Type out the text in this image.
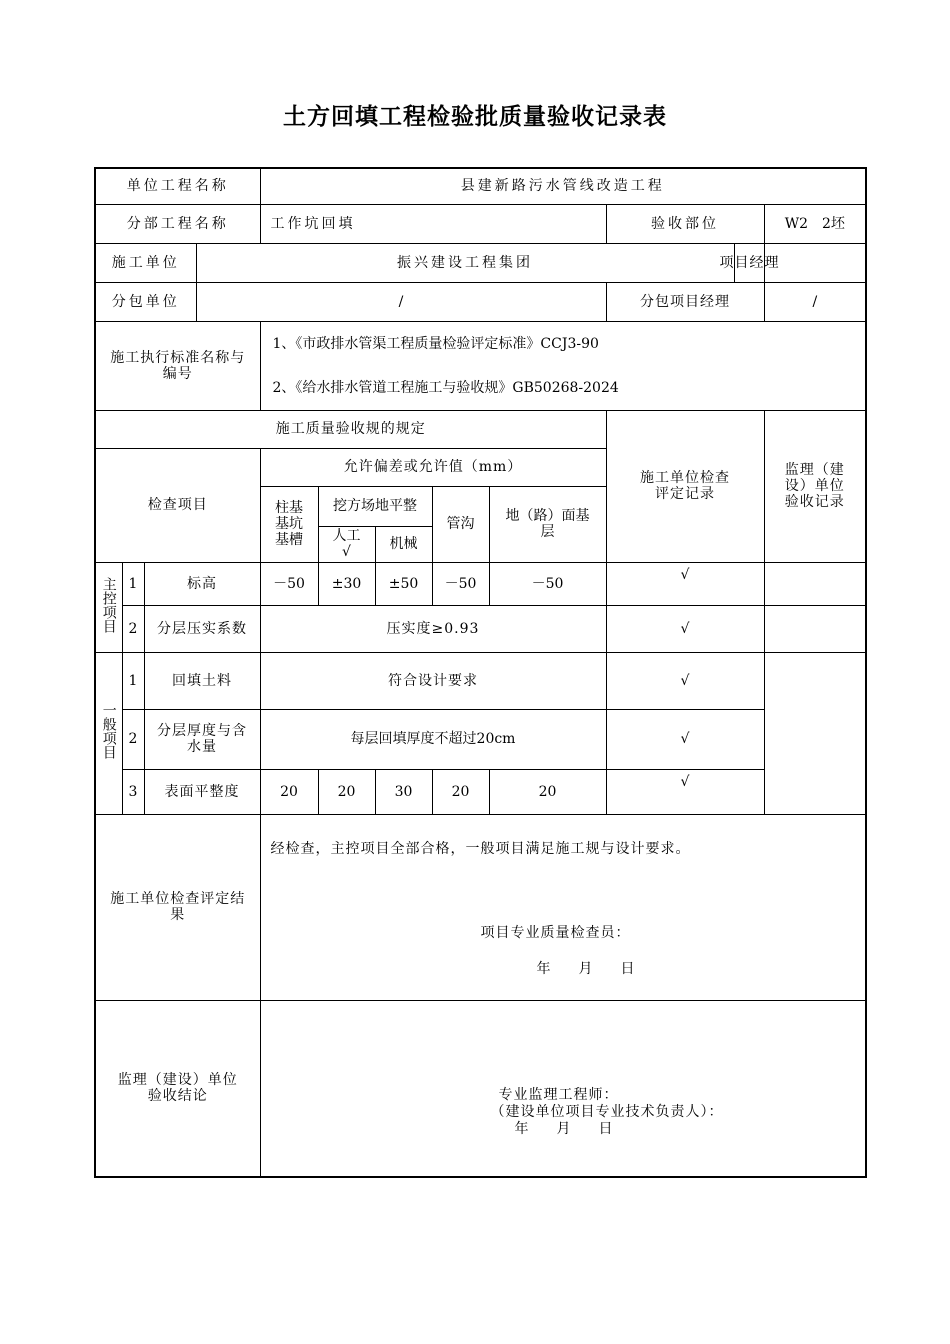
土方回填工程检验批质量验收记录表
单位工程名称				县建新路污水管线改造工程							
分部工程名称				工作坑回填					验收部位		W2　2坯
施工单位			振兴建设工程集团							项目经理	
分包单位			/						分包项目经理		/
施工执行标准名称与编号				1、《市政排水管渠工程质量检验评定标准》CCJ3-90
2、《给水排水管道工程施工与验收规》GB50268-2024							

施工质量验收规的规定									施工单位检查评定记录		监理（建设）单位验收记录
检查项目				允许偏差或允许值（mm）							
				柱基基坑基槽	挖方场地平整		管沟	地（路）面基层			
					人工√	机械					
主控项目	1	标高		－50	±30	±50	－50	－50	√		
	2	分层压实系数		压实度≥0.93					√		
一般项目	1	回填土料		符合设计要求					√		
	2	分层厚度与含水量		每层回填厚度不超过20cm					√		
	3	表面平整度		20	20	30	20	20	√		
施工单位检查评定结果				经检查，主控项目全部合格，一般项目满足施工规与设计要求。
项目专业质量检查员：
年　　月　　日							

监理（建设）单位验收结论				专业监理工程师：
（建设单位项目专业技术负责人）：
年　　月　　日							
